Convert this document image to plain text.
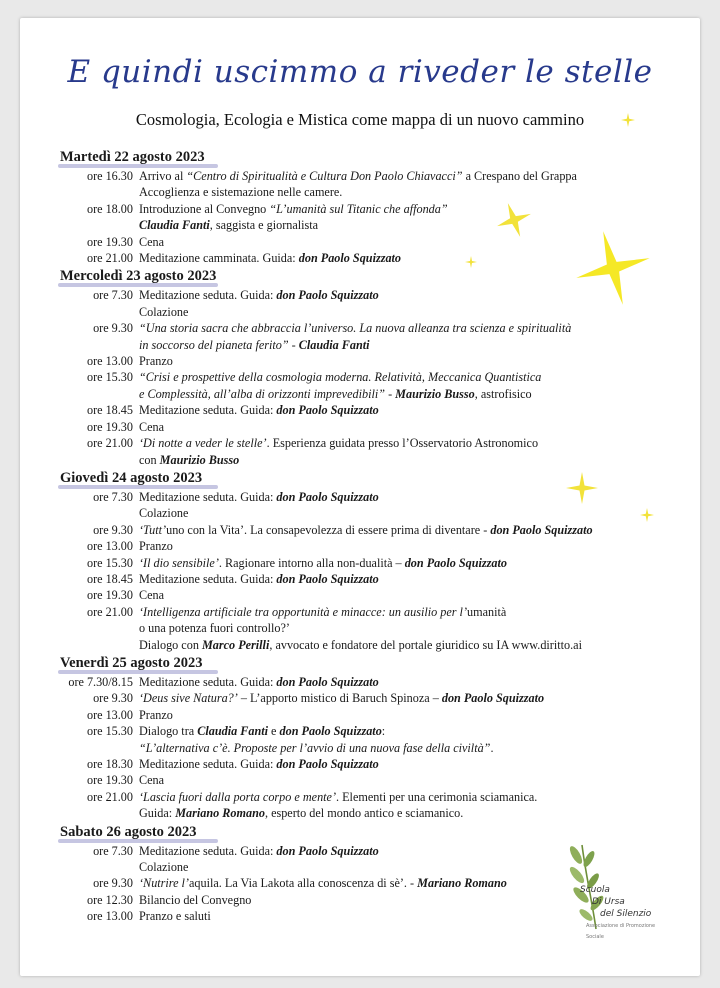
E quindi uscimmo a riveder le stelle
Cosmologia, Ecologia e Mistica come mappa di un nuovo cammino
Martedì 22 agosto 2023
ore 16.30 Arrivo al “Centro di Spiritualità e Cultura Don Paolo Chiavacci” a Crespano del Grappa
Accoglienza e sistemazione nelle camere.
ore 18.00 Introduzione al Convegno “L’umanità sul Titanic che affonda”
Claudia Fanti, saggista e giornalista
ore 19.30 Cena
ore 21.00 Meditazione camminata. Guida: don Paolo Squizzato
Mercoledì 23 agosto 2023
ore 7.30 Meditazione seduta. Guida: don Paolo Squizzato
Colazione
ore 9.30 “Una storia sacra che abbraccia l’universo. La nuova alleanza tra scienza e spiritualità
in soccorso del pianeta ferito” - Claudia Fanti
ore 13.00 Pranzo
ore 15.30 “Crisi e prospettive della cosmologia moderna. Relatività, Meccanica Quantistica
e Complessità, all’alba di orizzonti imprevedibili” - Maurizio Busso, astrofisico
ore 18.45 Meditazione seduta. Guida: don Paolo Squizzato
ore 19.30 Cena
ore 21.00 ‘Di notte a veder le stelle’. Esperienza guidata presso l’Osservatorio Astronomico
con Maurizio Busso
Giovedì 24 agosto 2023
ore 7.30 Meditazione seduta. Guida: don Paolo Squizzato
Colazione
ore 9.30 ‘Tutt’uno con la Vita’. La consapevolezza di essere prima di diventare - don Paolo Squizzato
ore 13.00 Pranzo
ore 15.30 ‘Il dio sensibile’. Ragionare intorno alla non-dualità – don Paolo Squizzato
ore 18.45 Meditazione seduta. Guida: don Paolo Squizzato
ore 19.30 Cena
ore 21.00 ‘Intelligenza artificiale tra opportunità e minacce: un ausilio per l’umanità
o una potenza fuori controllo?’
Dialogo con Marco Perilli, avvocato e fondatore del portale giuridico su IA www.diritto.ai
Venerdì 25 agosto 2023
ore 7.30/8.15 Meditazione seduta. Guida: don Paolo Squizzato
ore 9.30 ‘Deus sive Natura?’ – L’apporto mistico di Baruch Spinoza – don Paolo Squizzato
ore 13.00 Pranzo
ore 15.30 Dialogo tra Claudia Fanti e don Paolo Squizzato:
“L’alternativa c’è. Proposte per l’avvio di una nuova fase della civiltà”.
ore 18.30 Meditazione seduta. Guida: don Paolo Squizzato
ore 19.30 Cena
ore 21.00 ‘Lascia fuori dalla porta corpo e mente’. Elementi per una cerimonia sciamanica.
Guida: Mariano Romano, esperto del mondo antico e sciamanico.
Sabato 26 agosto 2023
ore 7.30 Meditazione seduta. Guida: don Paolo Squizzato
Colazione
ore 9.30 ‘Nutrire l’aquila. La Via Lakota alla conoscenza di sè’. - Mariano Romano
ore 12.30 Bilancio del Convegno
ore 13.00 Pranzo e saluti
Scuola
Di Ursa
del Silenzio
Associazione di Promozione Sociale
